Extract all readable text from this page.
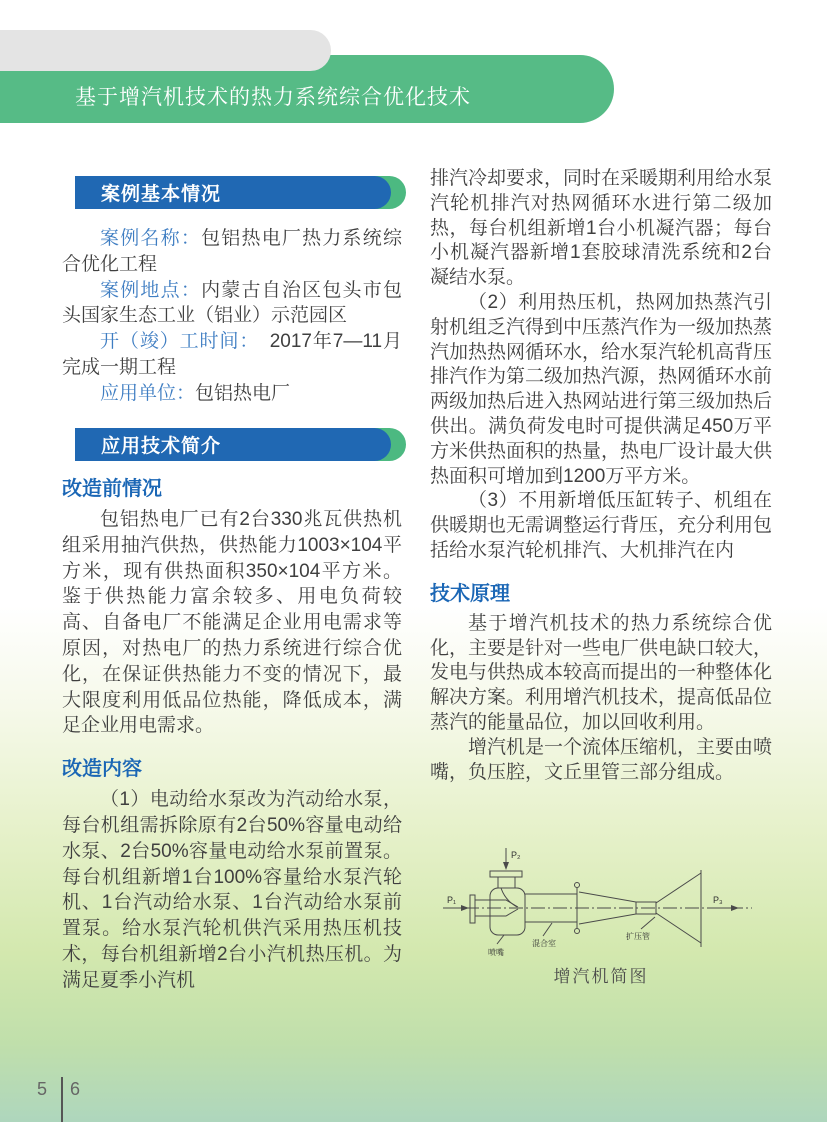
基于增汽机技术的热力系统综合优化技术
案例基本情况

案例名称：包铝热电厂热力系统综合优化工程

案例地点：内蒙古自治区包头市包头国家生态工业（铝业）示范园区

开（竣）工时间：　2017年7—11月完成一期工程

应用单位：包铝热电厂

应用技术简介
改造前情况

包铝热电厂已有2台330兆瓦供热机组采用抽汽供热，供热能力1003×104平方米，现有供热面积350×104平方米。鉴于供热能力富余较多、用电负荷较高、自备电厂不能满足企业用电需求等原因，对热电厂的热力系统进行综合优化，在保证供热能力不变的情况下，最大限度利用低品位热能，降低成本，满足企业用电需求。

改造内容

（1）电动给水泵改为汽动给水泵，每台机组需拆除原有2台50%容量电动给水泵、2台50%容量电动给水泵前置泵。每台机组新增1台100%容量给水泵汽轮机、1台汽动给水泵、1台汽动给水泵前置泵。给水泵汽轮机供汽采用热压机技术，每台机组新增2台小汽机热压机。为满足夏季小汽机

排汽冷却要求，同时在采暖期利用给水泵汽轮机排汽对热网循环水进行第二级加热，每台机组新增1台小机凝汽器；每台小机凝汽器新增1套胶球清洗系统和2台凝结水泵。

（2）利用热压机，热网加热蒸汽引射机组乏汽得到中压蒸汽作为一级加热蒸汽加热热网循环水，给水泵汽轮机高背压排汽作为第二级加热汽源，热网循环水前两级加热后进入热网站进行第三级加热后供出。满负荷发电时可提供满足450万平方米供热面积的热量，热电厂设计最大供热面积可增加到1200万平方米。

（3）不用新增低压缸转子、机组在供暖期也无需调整运行背压，充分利用包括给水泵汽轮机排汽、大机排汽在内

技术原理

基于增汽机技术的热力系统综合优化，主要是针对一些电厂供电缺口较大，发电与供热成本较高而提出的一种整体化解决方案。利用增汽机技术，提高低品位蒸汽的能量品位，加以回收利用。

增汽机是一个流体压缩机，主要由喷嘴，负压腔，文丘里管三部分组成。

P₂
P₁	P₃
喷嘴
混合室
扩压管
增汽机简图
5 6
